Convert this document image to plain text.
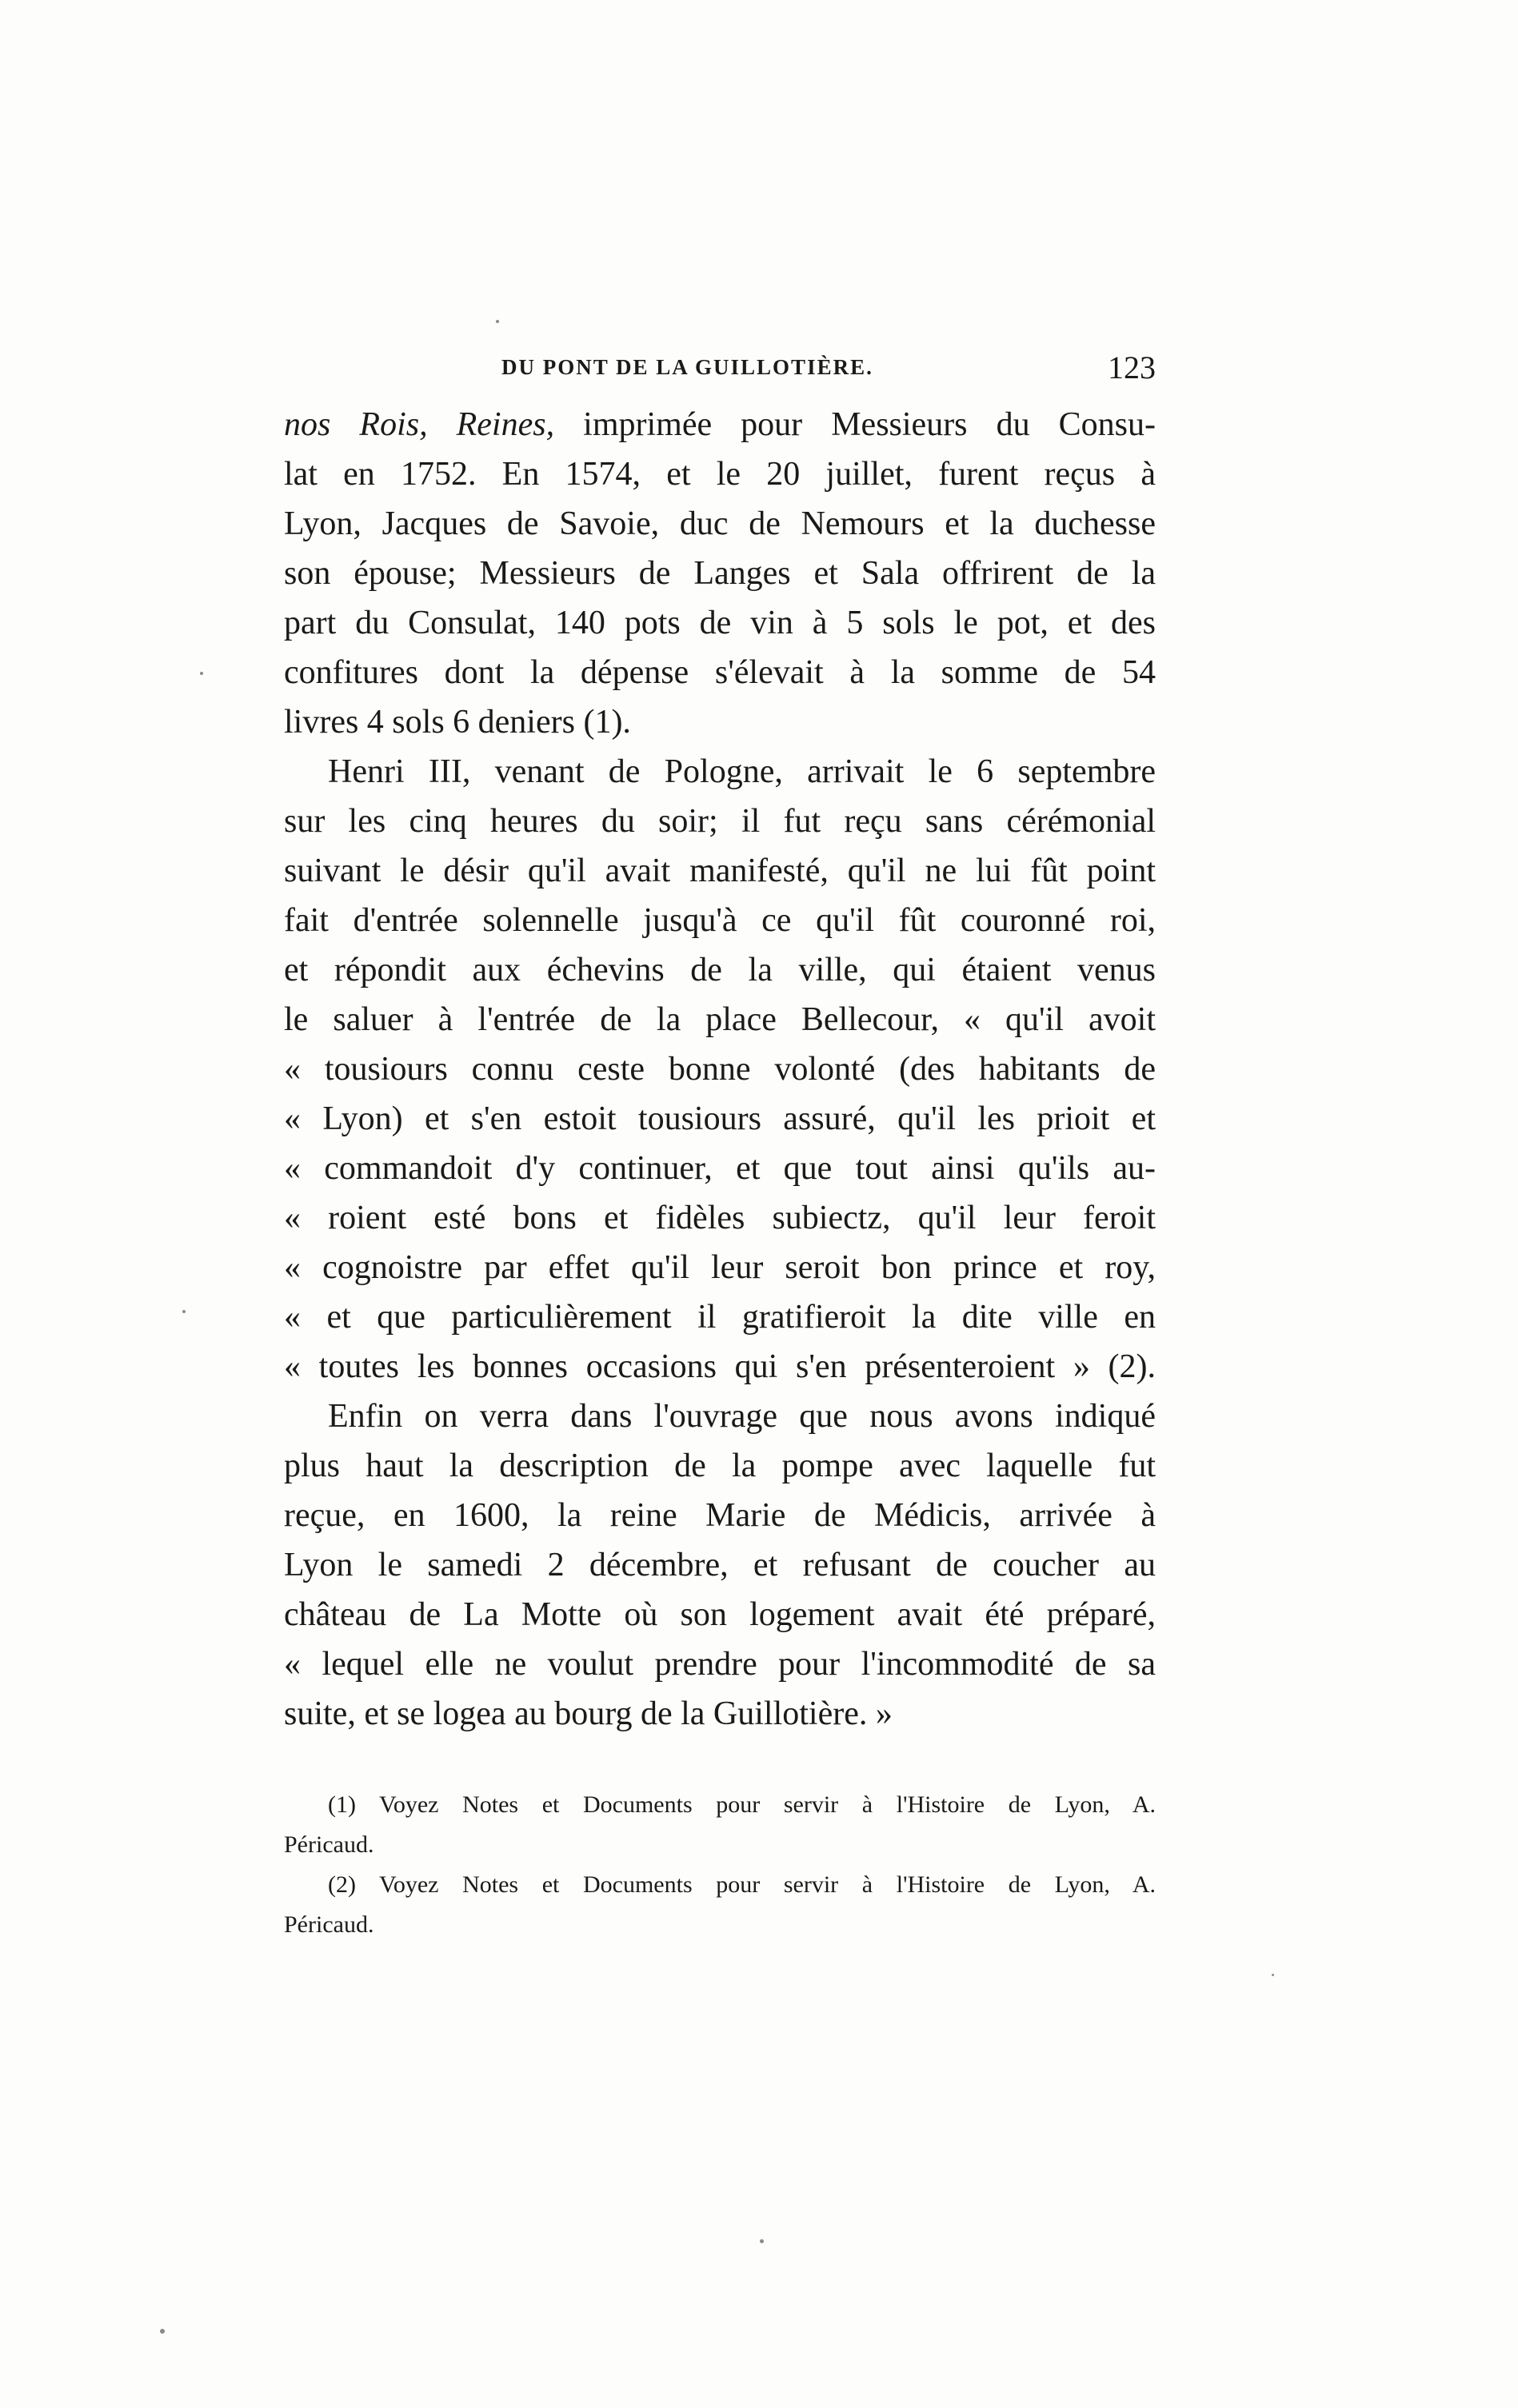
DU PONT DE LA GUILLOTIÈRE.	123
nos Rois, Reines, imprimée pour Messieurs du Consu-
lat en 1752. En 1574, et le 20 juillet, furent reçus à
Lyon, Jacques de Savoie, duc de Nemours et la duchesse
son épouse; Messieurs de Langes et Sala offrirent de la
part du Consulat, 140 pots de vin à 5 sols le pot, et des
confitures dont la dépense s'élevait à la somme de 54
livres 4 sols 6 deniers (1).
Henri III, venant de Pologne, arrivait le 6 septembre
sur les cinq heures du soir; il fut reçu sans cérémonial
suivant le désir qu'il avait manifesté, qu'il ne lui fût point
fait d'entrée solennelle jusqu'à ce qu'il fût couronné roi,
et répondit aux échevins de la ville, qui étaient venus
le saluer à l'entrée de la place Bellecour, « qu'il avoit
« tousiours connu ceste bonne volonté (des habitants de
« Lyon) et s'en estoit tousiours assuré, qu'il les prioit et
« commandoit d'y continuer, et que tout ainsi qu'ils au-
« roient esté bons et fidèles subiectz, qu'il leur feroit
« cognoistre par effet qu'il leur seroit bon prince et roy,
« et que particulièrement il gratifieroit la dite ville en
« toutes les bonnes occasions qui s'en présenteroient » (2).
Enfin on verra dans l'ouvrage que nous avons indiqué
plus haut la description de la pompe avec laquelle fut
reçue, en 1600, la reine Marie de Médicis, arrivée à
Lyon le samedi 2 décembre, et refusant de coucher au
château de La Motte où son logement avait été préparé,
« lequel elle ne voulut prendre pour l'incommodité de sa
suite, et se logea au bourg de la Guillotière. »
(1) Voyez Notes et Documents pour servir à l'Histoire de Lyon, A.
Péricaud.
(2) Voyez Notes et Documents pour servir à l'Histoire de Lyon, A.
Péricaud.
